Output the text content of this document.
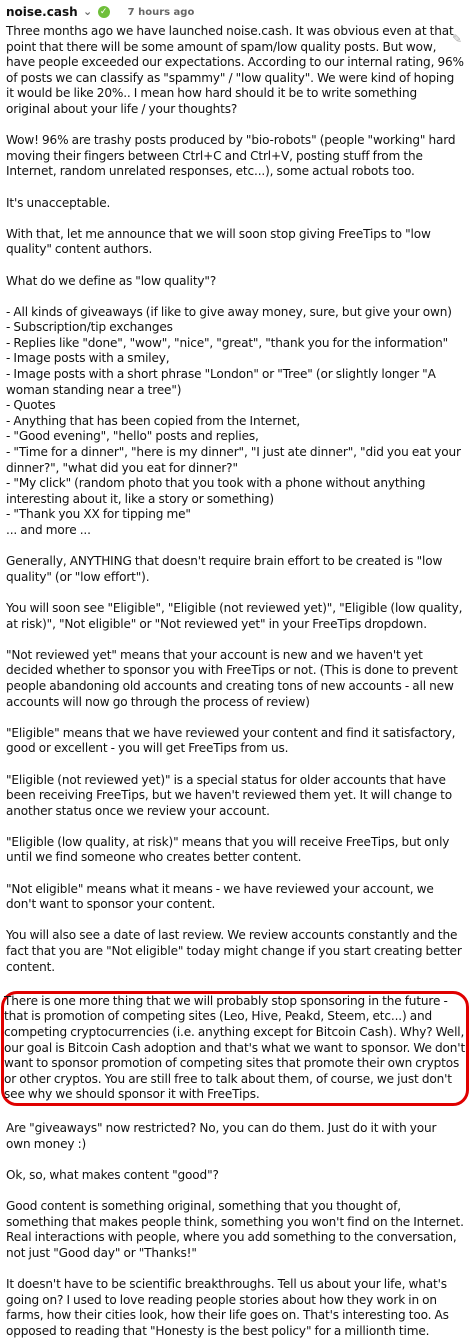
noise.cash ⌄ ✓ 7 hours ago
✎

Three months ago we have launched noise.cash. It was obvious even at that point that there will be some amount of spam/low quality posts. But wow, have people exceeded our expectations. According to our internal rating, 96% of posts we can classify as "spammy" / "low quality". We were kind of hoping it would be like 20%.. I mean how hard should it be to write something original about your life / your thoughts?

Wow! 96% are trashy posts produced by "bio-robots" (people "working" hard moving their fingers between Ctrl+C and Ctrl+V, posting stuff from the Internet, random unrelated responses, etc...), some actual robots too.

It's unacceptable.

With that, let me announce that we will soon stop giving FreeTips to "low quality" content authors.

What do we define as "low quality"?

- All kinds of giveaways (if like to give away money, sure, but give your own)
- Subscription/tip exchanges
- Replies like "done", "wow", "nice", "great", "thank you for the information"
- Image posts with a smiley,
- Image posts with a short phrase "London" or "Tree" (or slightly longer "A woman standing near a tree")
- Quotes
- Anything that has been copied from the Internet,
- "Good evening", "hello" posts and replies,
- "Time for a dinner", "here is my dinner", "I just ate dinner", "did you eat your dinner?", "what did you eat for dinner?"
- "My click" (random photo that you took with a phone without anything interesting about it, like a story or something)
- "Thank you XX for tipping me"
... and more ...

Generally, ANYTHING that doesn't require brain effort to be created is "low quality" (or "low effort").

You will soon see "Eligible", "Eligible (not reviewed yet)", "Eligible (low quality, at risk)", "Not eligible" or "Not reviewed yet" in your FreeTips dropdown.

"Not reviewed yet" means that your account is new and we haven't yet decided whether to sponsor you with FreeTips or not. (This is done to prevent people abandoning old accounts and creating tons of new accounts - all new accounts will now go through the process of review)

"Eligible" means that we have reviewed your content and find it satisfactory, good or excellent - you will get FreeTips from us.

"Eligible (not reviewed yet)" is a special status for older accounts that have been receiving FreeTips, but we haven't reviewed them yet. It will change to another status once we review your account.

"Eligible (low quality, at risk)" means that you will receive FreeTips, but only until we find someone who creates better content.

"Not eligible" means what it means - we have reviewed your account, we don't want to sponsor your content.

You will also see a date of last review. We review accounts constantly and the fact that you are "Not eligible" today might change if you start creating better content.

There is one more thing that we will probably stop sponsoring in the future - that is promotion of competing sites (Leo, Hive, Peakd, Steem, etc...) and competing cryptocurrencies (i.e. anything except for Bitcoin Cash). Why? Well, our goal is Bitcoin Cash adoption and that's what we want to sponsor. We don't want to sponsor promotion of competing sites that promote their own cryptos or other cryptos. You are still free to talk about them, of course, we just don't see why we should sponsor it with FreeTips.

Are "giveaways" now restricted? No, you can do them. Just do it with your own money :)

Ok, so, what makes content "good"?

Good content is something original, something that you thought of, something that makes people think, something you won't find on the Internet. Real interactions with people, where you add something to the conversation, not just "Good day" or "Thanks!"

It doesn't have to be scientific breakthroughs. Tell us about your life, what's going on? I used to love reading people stories about how they work in on farms, how their cities look, how their life goes on. That's interesting too. As opposed to reading that "Honesty is the best policy" for a millionth time.
